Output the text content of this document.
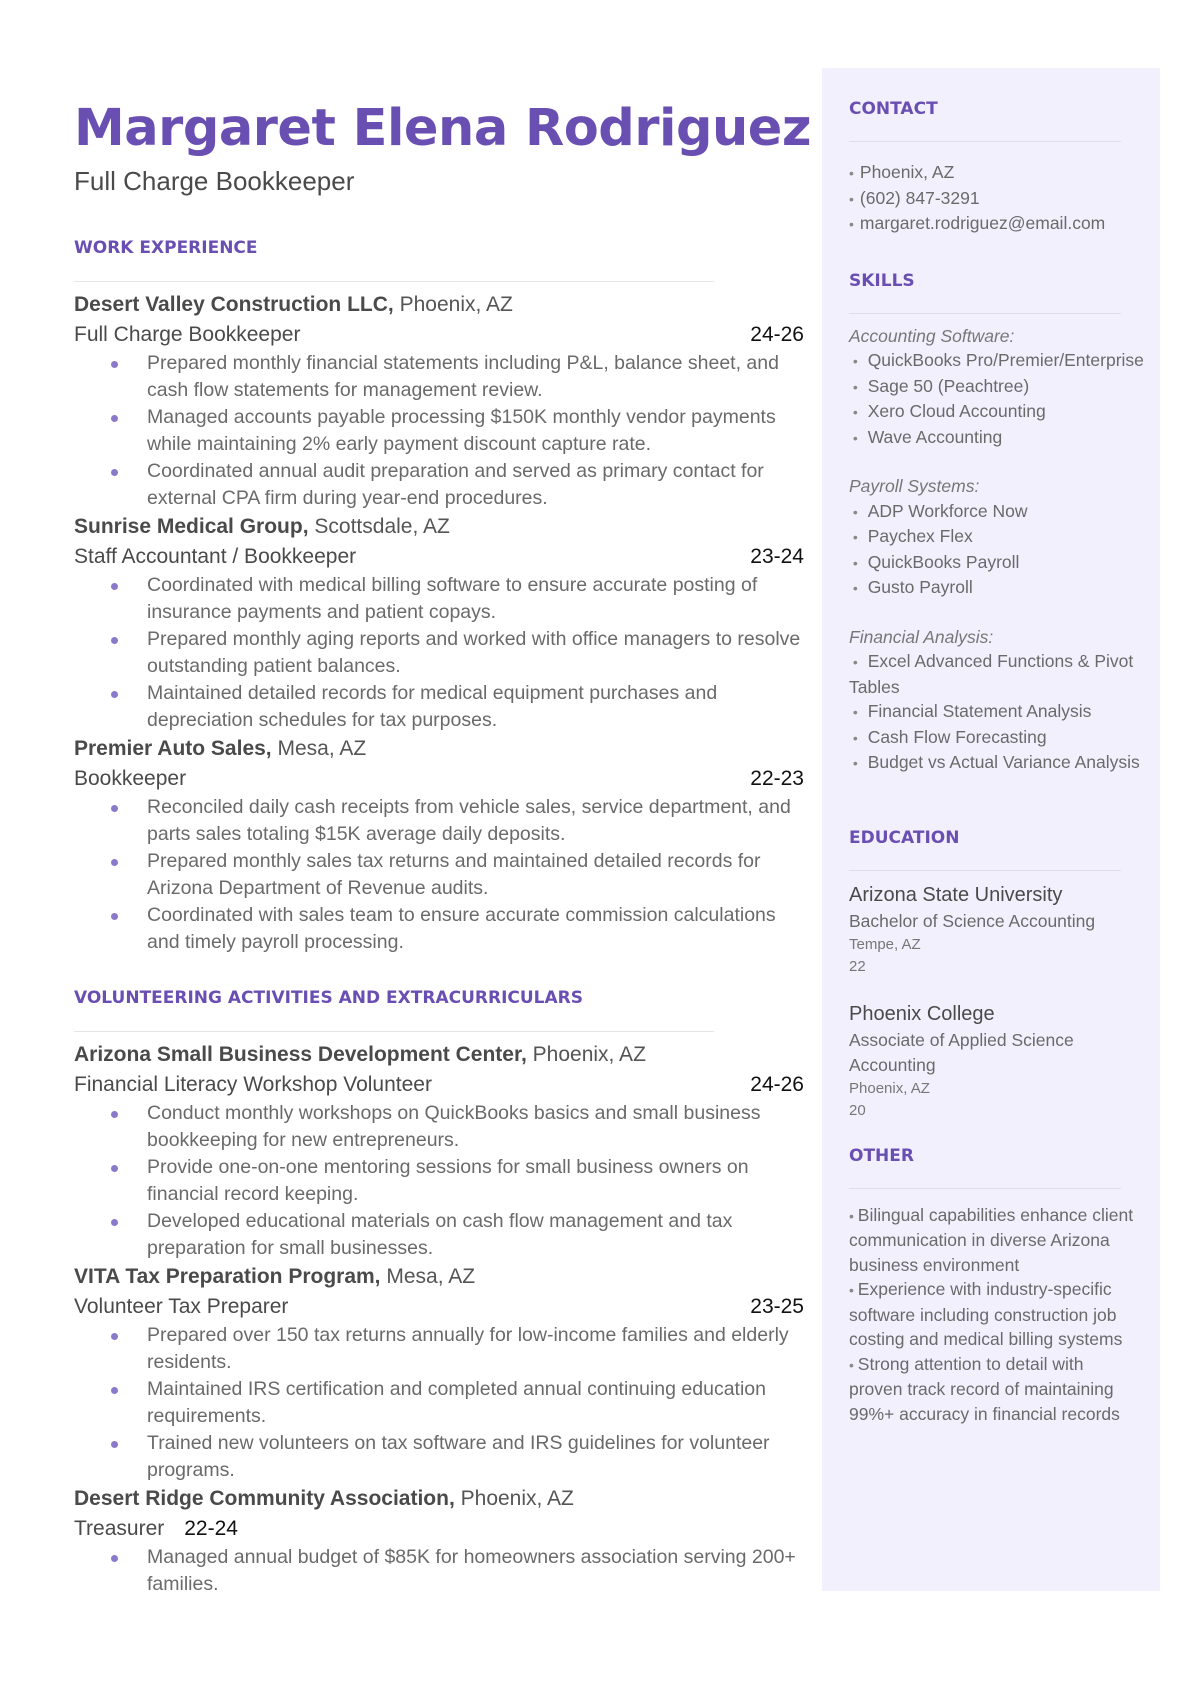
Margaret Elena Rodriguez
Full Charge Bookkeeper
WORK EXPERIENCE
Desert Valley Construction LLC, Phoenix, AZ
Full Charge Bookkeeper	24-26
Prepared monthly financial statements including P&L, balance sheet, and cash flow statements for management review.
Managed accounts payable processing $150K monthly vendor payments while maintaining 2% early payment discount capture rate.
Coordinated annual audit preparation and served as primary contact for external CPA firm during year-end procedures.
Sunrise Medical Group, Scottsdale, AZ
Staff Accountant / Bookkeeper	23-24
Coordinated with medical billing software to ensure accurate posting of insurance payments and patient copays.
Prepared monthly aging reports and worked with office managers to resolve outstanding patient balances.
Maintained detailed records for medical equipment purchases and depreciation schedules for tax purposes.
Premier Auto Sales, Mesa, AZ
Bookkeeper	22-23
Reconciled daily cash receipts from vehicle sales, service department, and parts sales totaling $15K average daily deposits.
Prepared monthly sales tax returns and maintained detailed records for Arizona Department of Revenue audits.
Coordinated with sales team to ensure accurate commission calculations and timely payroll processing.
VOLUNTEERING ACTIVITIES AND EXTRACURRICULARS
Arizona Small Business Development Center, Phoenix, AZ
Financial Literacy Workshop Volunteer	24-26
Conduct monthly workshops on QuickBooks basics and small business bookkeeping for new entrepreneurs.
Provide one-on-one mentoring sessions for small business owners on financial record keeping.
Developed educational materials on cash flow management and tax preparation for small businesses.
VITA Tax Preparation Program, Mesa, AZ
Volunteer Tax Preparer	23-25
Prepared over 150 tax returns annually for low-income families and elderly residents.
Maintained IRS certification and completed annual continuing education requirements.
Trained new volunteers on tax software and IRS guidelines for volunteer programs.
Desert Ridge Community Association, Phoenix, AZ
Treasurer 22-24
Managed annual budget of $85K for homeowners association serving 200+ families.
CONTACT
• Phoenix, AZ
• (602) 847-3291
• margaret.rodriguez@email.com
SKILLS
Accounting Software:
• QuickBooks Pro/Premier/Enterprise
• Sage 50 (Peachtree)
• Xero Cloud Accounting
• Wave Accounting
Payroll Systems:
• ADP Workforce Now
• Paychex Flex
• QuickBooks Payroll
• Gusto Payroll
Financial Analysis:
• Excel Advanced Functions & Pivot Tables
• Financial Statement Analysis
• Cash Flow Forecasting
• Budget vs Actual Variance Analysis
EDUCATION
Arizona State University
Bachelor of Science Accounting
Tempe, AZ
22
Phoenix College
Associate of Applied Science Accounting
Phoenix, AZ
20
OTHER
• Bilingual capabilities enhance client communication in diverse Arizona business environment
• Experience with industry-specific software including construction job costing and medical billing systems
• Strong attention to detail with proven track record of maintaining 99%+ accuracy in financial records
